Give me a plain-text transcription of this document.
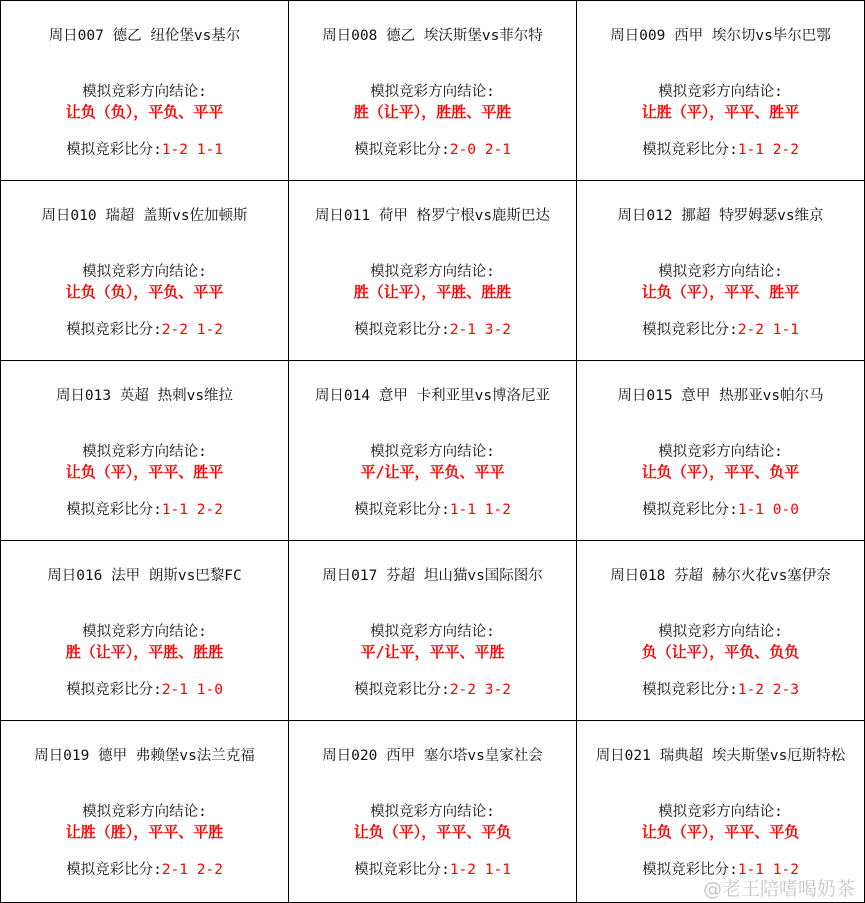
周日007 德乙 纽伦堡vs基尔
模拟竞彩方向结论:
让负（负），平负、平平
模拟竞彩比分:1-2 1-1
周日008 德乙 埃沃斯堡vs菲尔特
模拟竞彩方向结论:
胜（让平），胜胜、平胜
模拟竞彩比分:2-0 2-1
周日009 西甲 埃尔切vs毕尔巴鄂
模拟竞彩方向结论:
让胜（平），平平、胜平
模拟竞彩比分:1-1 2-2
周日010 瑞超 盖斯vs佐加顿斯
模拟竞彩方向结论:
让负（负），平负、平平
模拟竞彩比分:2-2 1-2
周日011 荷甲 格罗宁根vs鹿斯巴达
模拟竞彩方向结论:
胜（让平），平胜、胜胜
模拟竞彩比分:2-1 3-2
周日012 挪超 特罗姆瑟vs维京
模拟竞彩方向结论:
让负（平），平平、胜平
模拟竞彩比分:2-2 1-1
周日013 英超 热刺vs维拉
模拟竞彩方向结论:
让负（平），平平、胜平
模拟竞彩比分:1-1 2-2
周日014 意甲 卡利亚里vs博洛尼亚
模拟竞彩方向结论:
平/让平，平负、平平
模拟竞彩比分:1-1 1-2
周日015 意甲 热那亚vs帕尔马
模拟竞彩方向结论:
让负（平），平平、负平
模拟竞彩比分:1-1 0-0
周日016 法甲 朗斯vs巴黎FC
模拟竞彩方向结论:
胜（让平），平胜、胜胜
模拟竞彩比分:2-1 1-0
周日017 芬超 坦山猫vs国际图尔
模拟竞彩方向结论:
平/让平，平平、平胜
模拟竞彩比分:2-2 3-2
周日018 芬超 赫尔火花vs塞伊奈
模拟竞彩方向结论:
负（让平），平负、负负
模拟竞彩比分:1-2 2-3
周日019 德甲 弗赖堡vs法兰克福
模拟竞彩方向结论:
让胜（胜），平平、平胜
模拟竞彩比分:2-1 2-2
周日020 西甲 塞尔塔vs皇家社会
模拟竞彩方向结论:
让负（平），平平、平负
模拟竞彩比分:1-2 1-1
周日021 瑞典超 埃夫斯堡vs厄斯特松
模拟竞彩方向结论:
让负（平），平平、平负
模拟竞彩比分:1-1 1-2
@老王陪嗜喝奶茶
